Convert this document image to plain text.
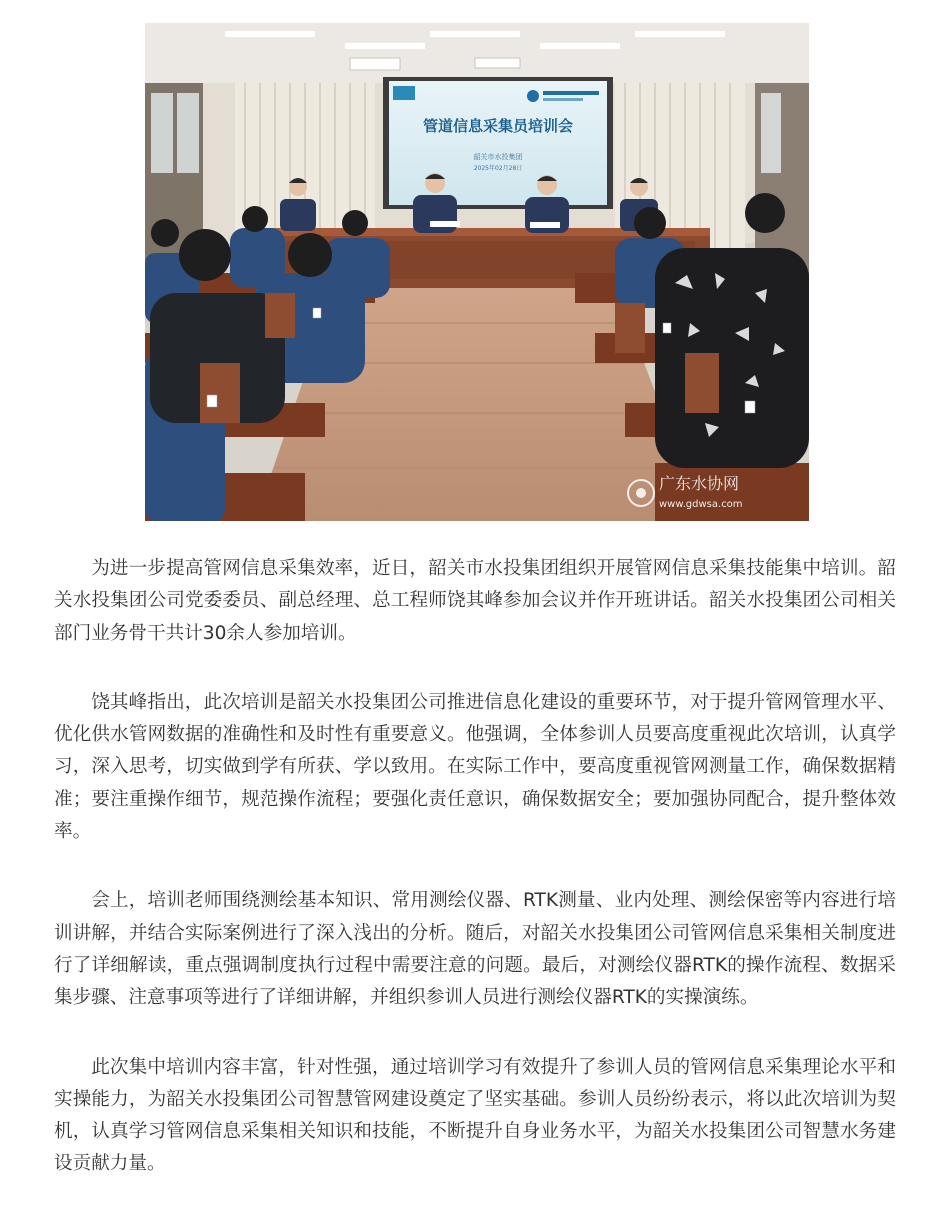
管道信息采集员培训会
韶关市水投集团
2025年02月28日
广东水协网
www.gdwsa.com

为进一步提高管网信息采集效率，近日，韶关市水投集团组织开展管网信息采集技能集中培训。韶关水投集团公司党委委员、副总经理、总工程师饶其峰参加会议并作开班讲话。韶关水投集团公司相关部门业务骨干共计30余人参加培训。

饶其峰指出，此次培训是韶关水投集团公司推进信息化建设的重要环节，对于提升管网管理水平、优化供水管网数据的准确性和及时性有重要意义。他强调，全体参训人员要高度重视此次培训，认真学习，深入思考，切实做到学有所获、学以致用。在实际工作中，要高度重视管网测量工作，确保数据精准；要注重操作细节，规范操作流程；要强化责任意识，确保数据安全；要加强协同配合，提升整体效率。

会上，培训老师围绕测绘基本知识、常用测绘仪器、RTK测量、业内处理、测绘保密等内容进行培训讲解，并结合实际案例进行了深入浅出的分析。随后，对韶关水投集团公司管网信息采集相关制度进行了详细解读，重点强调制度执行过程中需要注意的问题。最后，对测绘仪器RTK的操作流程、数据采集步骤、注意事项等进行了详细讲解，并组织参训人员进行测绘仪器RTK的实操演练。

此次集中培训内容丰富，针对性强，通过培训学习有效提升了参训人员的管网信息采集理论水平和实操能力，为韶关水投集团公司智慧管网建设奠定了坚实基础。参训人员纷纷表示，将以此次培训为契机，认真学习管网信息采集相关知识和技能，不断提升自身业务水平，为韶关水投集团公司智慧水务建设贡献力量。
